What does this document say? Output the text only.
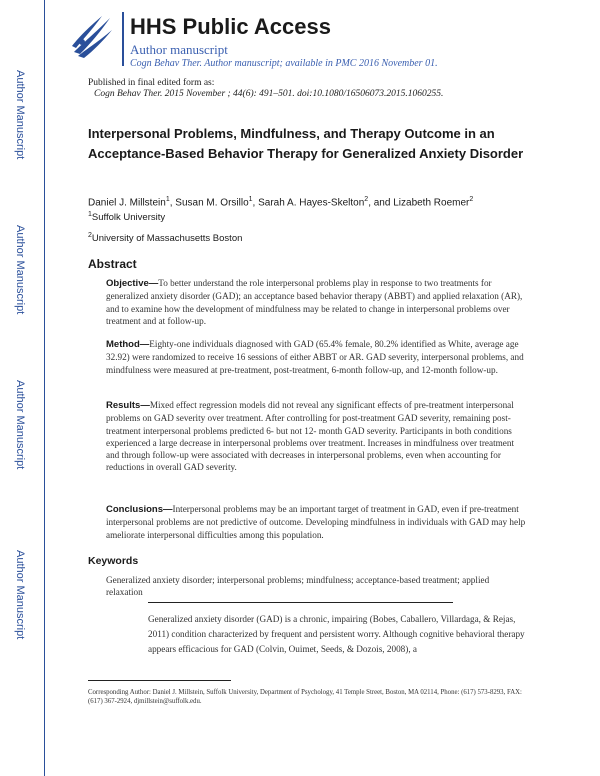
HHS Public Access
Author manuscript
Cogn Behav Ther. Author manuscript; available in PMC 2016 November 01.
Author Manuscript
Author Manuscript
Author Manuscript
Author Manuscript
Published in final edited form as:
Cogn Behav Ther. 2015 November ; 44(6): 491–501. doi:10.1080/16506073.2015.1060255.
Interpersonal Problems, Mindfulness, and Therapy Outcome in an Acceptance-Based Behavior Therapy for Generalized Anxiety Disorder
Daniel J. Millstein$^1$, Susan M. Orsillo$^1$, Sarah A. Hayes-Skelton$^2$, and Lizabeth Roemer$^2$
$^1$Suffolk University
$^2$University of Massachusetts Boston
Abstract
Objective—To better understand the role interpersonal problems play in response to two treatments for generalized anxiety disorder (GAD); an acceptance based behavior therapy (ABBT) and applied relaxation (AR), and to examine how the development of mindfulness may be related to change in interpersonal problems over treatment and at follow-up.
Method—Eighty-one individuals diagnosed with GAD (65.4% female, 80.2% identified as White, average age 32.92) were randomized to receive 16 sessions of either ABBT or AR. GAD severity, interpersonal problems, and mindfulness were measured at pre-treatment, post-treatment, 6-month follow-up, and 12-month follow-up.
Results—Mixed effect regression models did not reveal any significant effects of pre-treatment interpersonal problems on GAD severity over treatment. After controlling for post-treatment GAD severity, remaining post-treatment interpersonal problems predicted 6- but not 12- month GAD severity. Participants in both conditions experienced a large decrease in interpersonal problems over treatment. Increases in mindfulness over treatment and through follow-up were associated with decreases in interpersonal problems, even when accounting for reductions in overall GAD severity.
Conclusions—Interpersonal problems may be an important target of treatment in GAD, even if pre-treatment interpersonal problems are not predictive of outcome. Developing mindfulness in individuals with GAD may help ameliorate interpersonal difficulties among this population.
Keywords
Generalized anxiety disorder; interpersonal problems; mindfulness; acceptance-based treatment; applied relaxation
Generalized anxiety disorder (GAD) is a chronic, impairing (Bobes, Caballero, Villardaga, & Rejas, 2011) condition characterized by frequent and persistent worry. Although cognitive behavioral therapy appears efficacious for GAD (Colvin, Ouimet, Seeds, & Dozois, 2008), a
Corresponding Author: Daniel J. Millstein, Suffolk University, Department of Psychology, 41 Temple Street, Boston, MA 02114, Phone: (617) 573-8293, FAX: (617) 367-2924, djmillstein@suffolk.edu.
